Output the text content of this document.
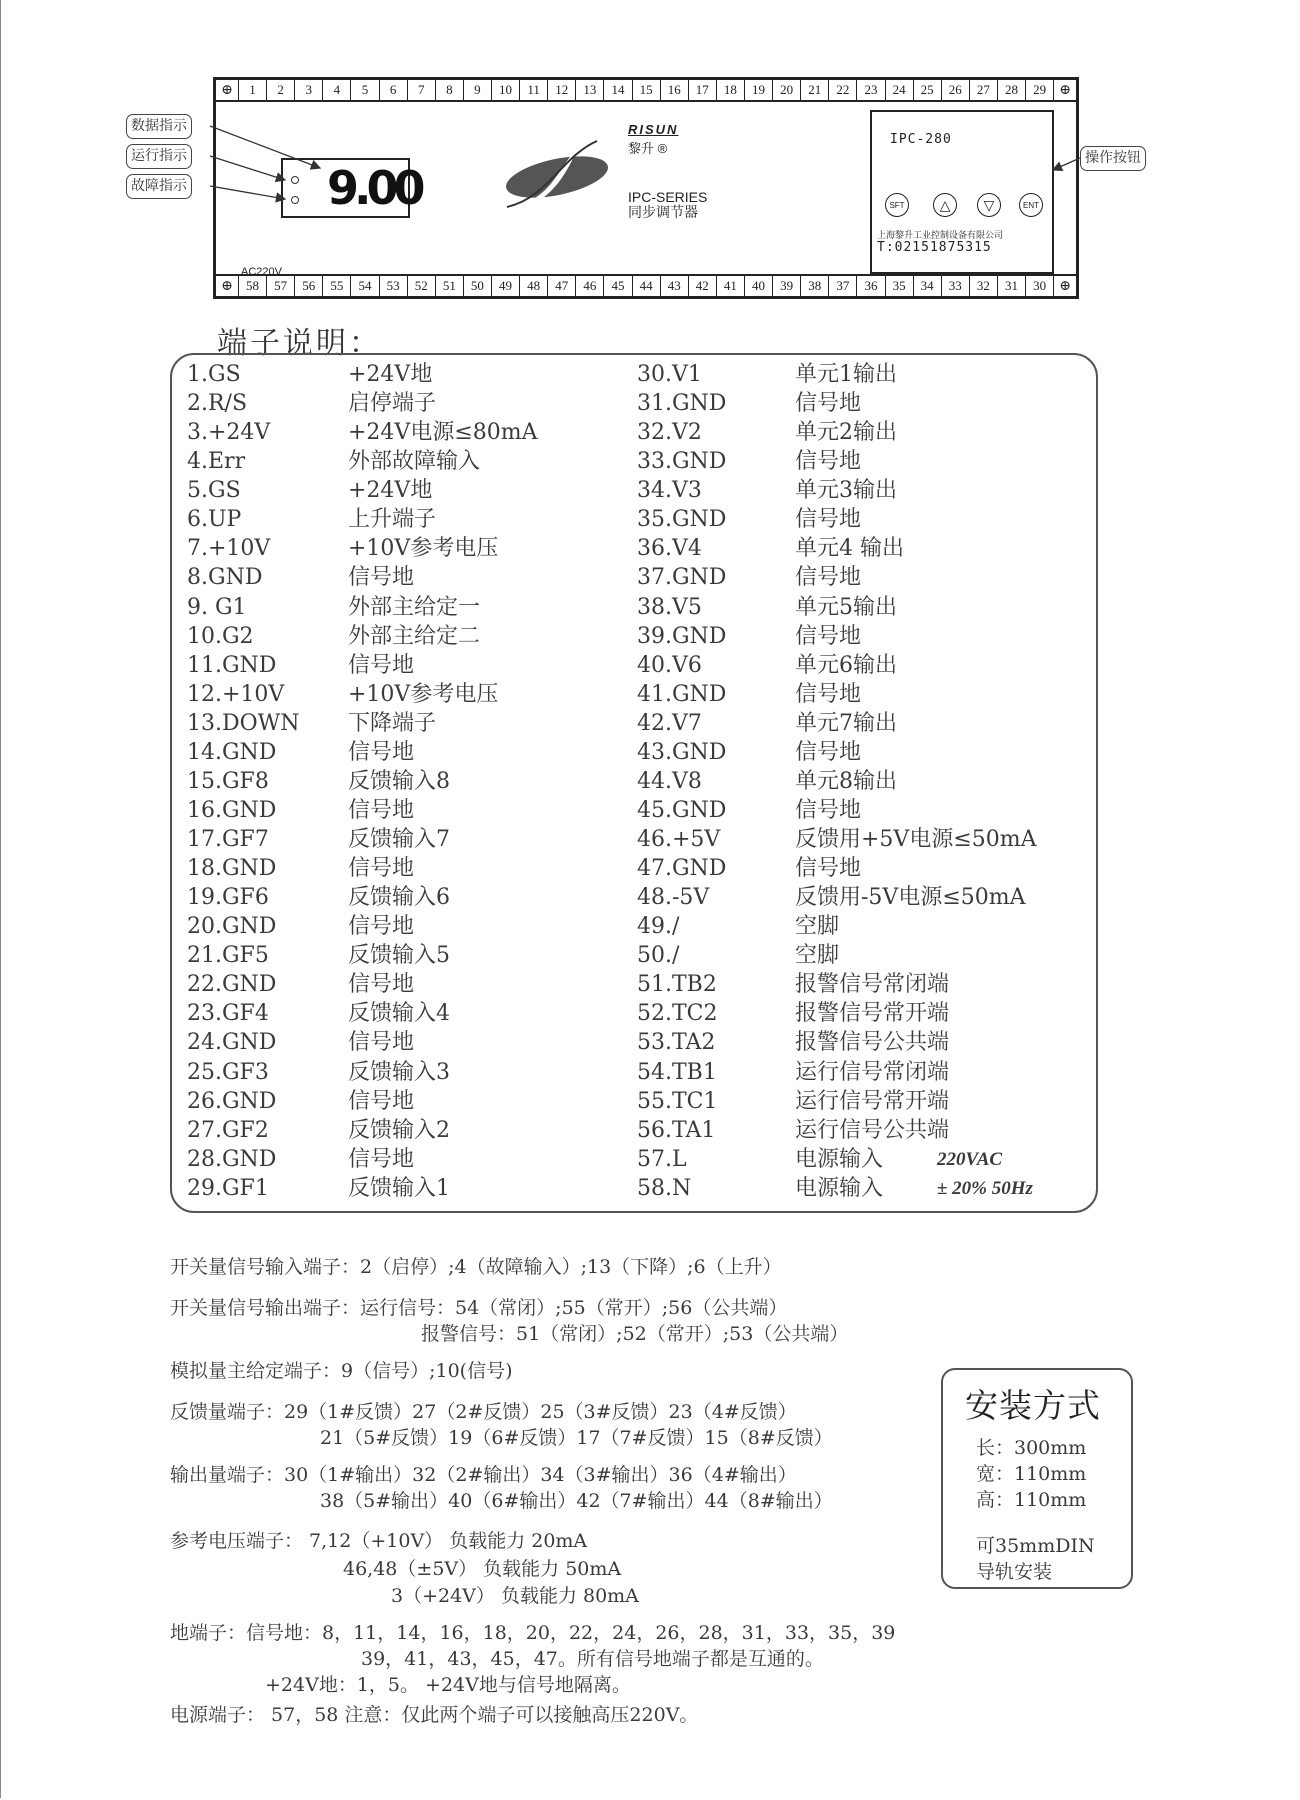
⊕	1	2	3	4	5	6	7	8	9	10	11	12	13	14	15	16	17	18	19	20	21	22	23	24	25	26	27	28	29 ⊕
9.00
RISUN
黎升 ®
IPC-SERIES
同步调节器
IPC-280
SFT	△	▽	ENT
上海黎升工业控制设备有限公司
T:02151875315
AC220V
⊕	58	57	56	55	54	53	52	51	50	49	48	47	46	45	44	43	42	41	40	39	38	37	36	35	34	33	32	31	30 ⊕
数据指示
运行指示
故障指示
操作按钮
端子说明：
1.GS	+24V地
2.R/S	启停端子
3.+24V	+24V电源≤80mA
4.Err	外部故障输入
5.GS	+24V地
6.UP	上升端子
7.+10V	+10V参考电压
8.GND	信号地
9. G1	外部主给定一
10.G2	外部主给定二
11.GND	信号地
12.+10V	+10V参考电压
13.DOWN 下降端子
14.GND	信号地
15.GF8	反馈输入8
16.GND	信号地
17.GF7	反馈输入7
18.GND	信号地
19.GF6	反馈输入6
20.GND	信号地
21.GF5	反馈输入5
22.GND	信号地
23.GF4	反馈输入4
24.GND	信号地
25.GF3	反馈输入3
26.GND	信号地
27.GF2	反馈输入2
28.GND	信号地
29.GF1	反馈输入1
30.V1	单元1输出
31.GND	信号地
32.V2	单元2输出
33.GND	信号地
34.V3	单元3输出
35.GND	信号地
36.V4	单元4 输出
37.GND	信号地
38.V5	单元5输出
39.GND	信号地
40.V6	单元6输出
41.GND	信号地
42.V7	单元7输出
43.GND	信号地
44.V8	单元8输出
45.GND	信号地
46.+5V	反馈用+5V电源≤50mA
47.GND	信号地
48.-5V	反馈用-5V电源≤50mA
49./	空脚
50./	空脚
51.TB2	报警信号常闭端
52.TC2	报警信号常开端
53.TA2	报警信号公共端
54.TB1	运行信号常闭端
55.TC1	运行信号常开端
56.TA1	运行信号公共端
57.L	电源输入	220VAC
58.N	电源输入	± 20% 50Hz
开关量信号输入端子：2（启停）;4（故障输入）;13（下降）;6（上升）
开关量信号输出端子：运行信号：54（常闭）;55（常开）;56（公共端）
报警信号：51（常闭）;52（常开）;53（公共端）
模拟量主给定端子：9（信号）;10(信号)
反馈量端子：29（1#反馈）27（2#反馈）25（3#反馈）23（4#反馈）
21（5#反馈）19（6#反馈）17（7#反馈）15（8#反馈）
输出量端子：30（1#输出）32（2#输出）34（3#输出）36（4#输出）
38（5#输出）40（6#输出）42（7#输出）44（8#输出）
参考电压端子： 7,12（+10V） 负载能力 20mA
46,48（±5V） 负载能力 50mA
3（+24V） 负载能力 80mA
地端子：信号地：8，11，14，16，18，20，22，24，26，28，31，33，35，39
39，41，43，45，47。所有信号地端子都是互通的。
+24V地：1，5。 +24V地与信号地隔离。
电源端子： 57，58 注意：仅此两个端子可以接触高压220V。
安装方式
长：300mm
宽：110mm
高：110mm
可35mmDIN
导轨安装
